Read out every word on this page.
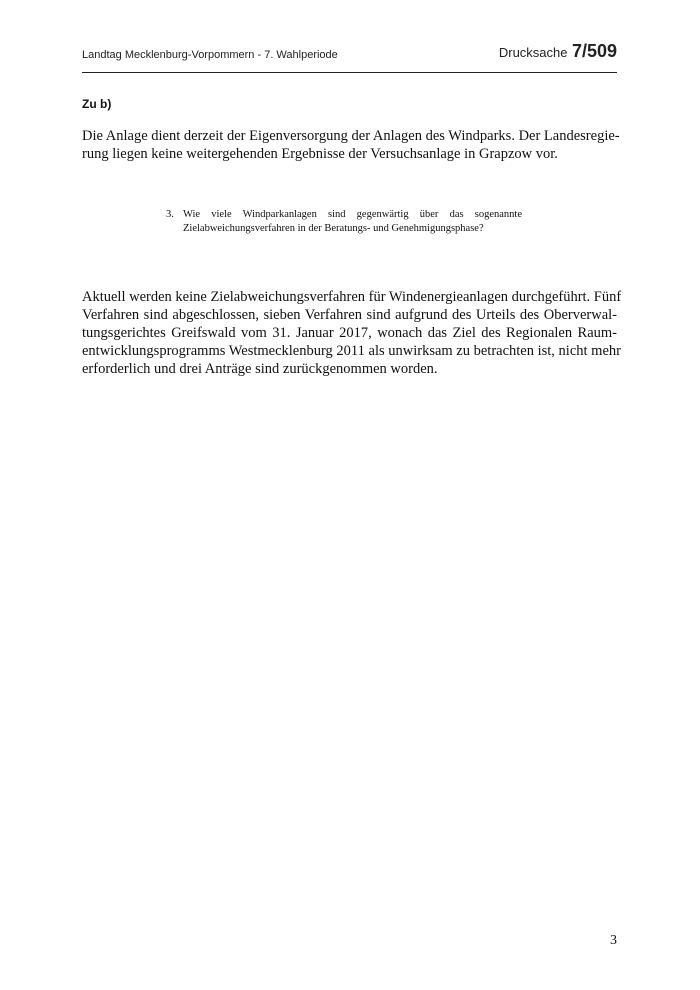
Landtag Mecklenburg-Vorpommern - 7. Wahlperiode	Drucksache 7/509
Zu b)
Die Anlage dient derzeit der Eigenversorgung der Anlagen des Windparks. Der Landesregie-
rung liegen keine weitergehenden Ergebnisse der Versuchsanlage in Grapzow vor.
3. Wie viele Windparkanlagen sind gegenwärtig über das sogenannte
Zielabweichungsverfahren in der Beratungs- und Genehmigungsphase?
Aktuell werden keine Zielabweichungsverfahren für Windenergieanlagen durchgeführt. Fünf
Verfahren sind abgeschlossen, sieben Verfahren sind aufgrund des Urteils des Oberverwal-
tungsgerichtes Greifswald vom 31. Januar 2017, wonach das Ziel des Regionalen Raum-
entwicklungsprogramms Westmecklenburg 2011 als unwirksam zu betrachten ist, nicht mehr
erforderlich und drei Anträge sind zurückgenommen worden.
3
